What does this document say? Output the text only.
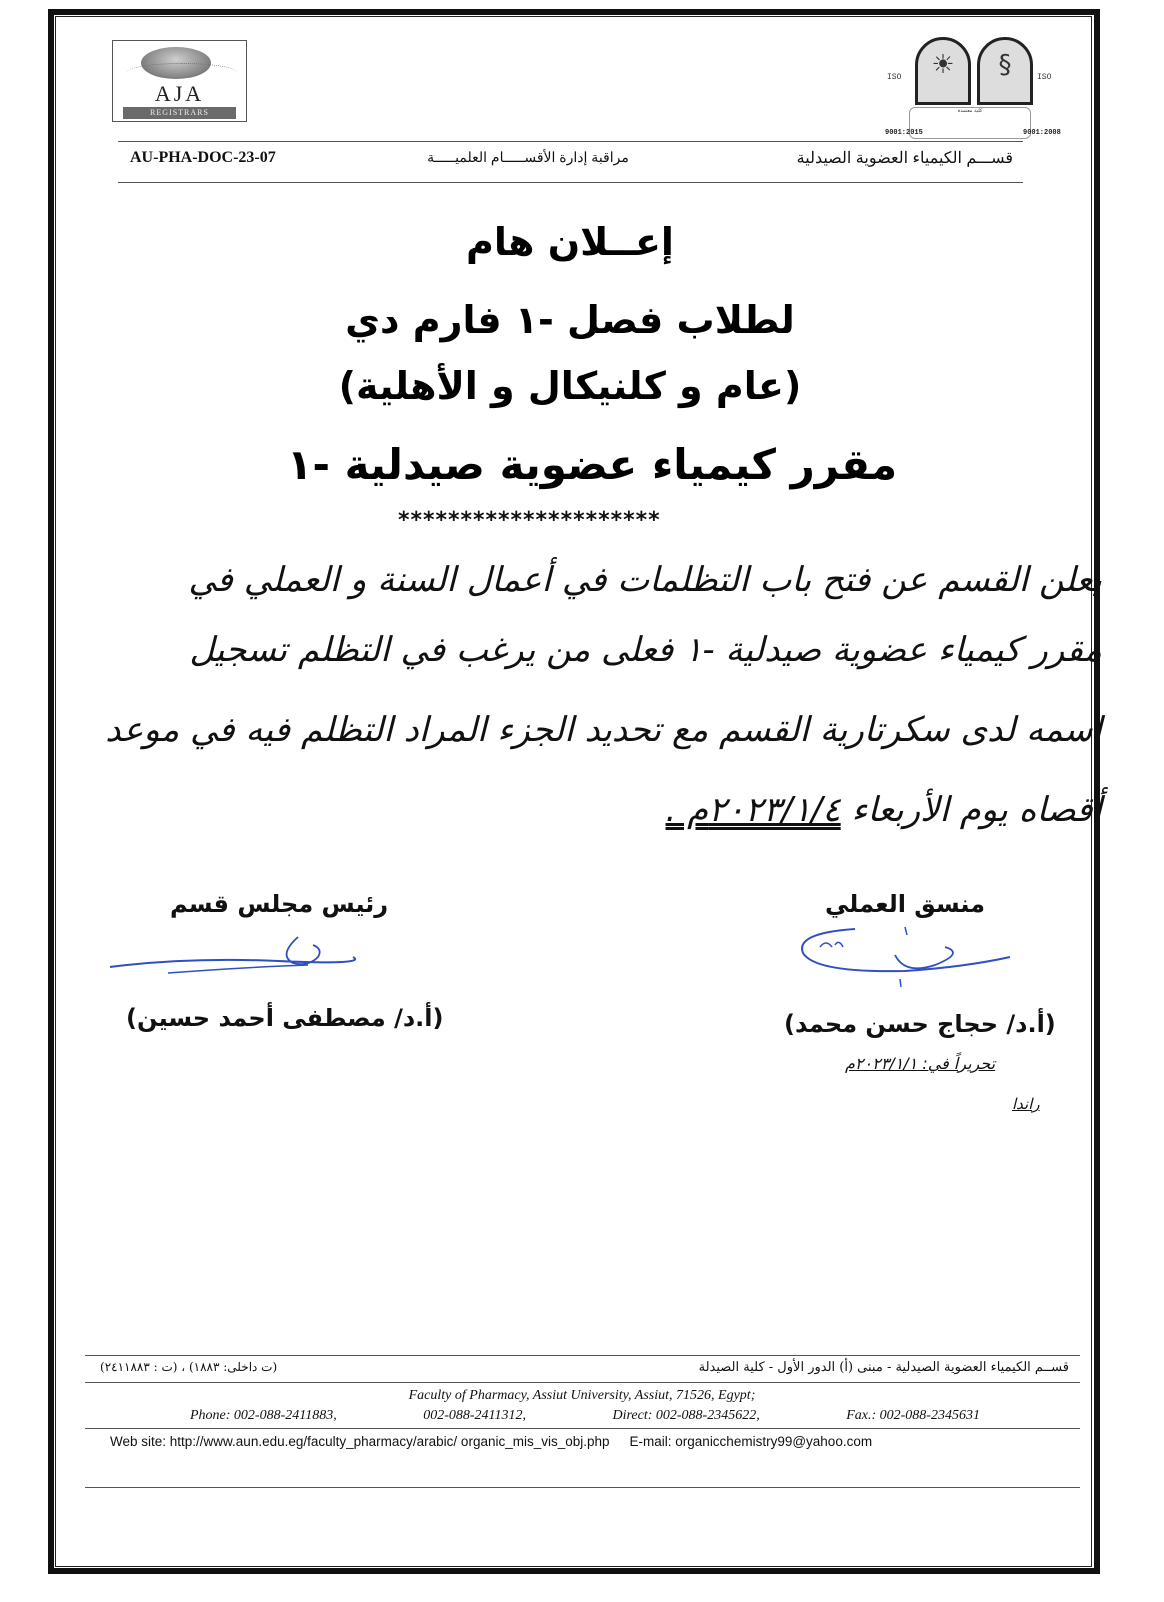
AJA
REGISTRARS
ISO	☀	§	ISO
كلية معتمدة
9001:2015	9001:2008
AU-PHA-DOC-23-07	مراقبة إدارة الأقســـــام العلميـــــة	قســـم الكيمياء العضوية الصيدلية
إعــلان هام
لطلاب فصل -١ فارم دي
(عام و كلنيكال و الأهلية)
مقرر كيمياء عضوية صيدلية -١
*********************
يعلن القسم عن فتح باب التظلمات في أعمال السنة و العملي في
مقرر كيمياء عضوية صيدلية -١ فعلى من يرغب في التظلم تسجيل
اسمه لدى سكرتارية القسم مع تحديد الجزء المراد التظلم فيه في موعد
أقصاه يوم الأربعاء ٢٠٢٣/١/٤م .
رئيس مجلس قسم
(أ.د/ مصطفى أحمد حسين)
منسق العملي
(أ.د/ حجاج حسن محمد)
تحريراً في: ٢٠٢٣/١/١م
راندا
قســم الكيمياء العضوية الصيدلية - مبنى (أ) الدور الأول - كلية الصيدلة
(ت داخلى: ١٨٨٣) ، (ت : ٢٤١١٨٨٣)
Faculty of Pharmacy, Assiut University, Assiut, 71526, Egypt;
Phone: 002-088-2411883,	002-088-2411312,	Direct: 002-088-2345622,	Fax.: 002-088-2345631
Web site: http://www.aun.edu.eg/faculty_pharmacy/arabic/ organic_mis_vis_obj.php E-mail: organicchemistry99@yahoo.com
